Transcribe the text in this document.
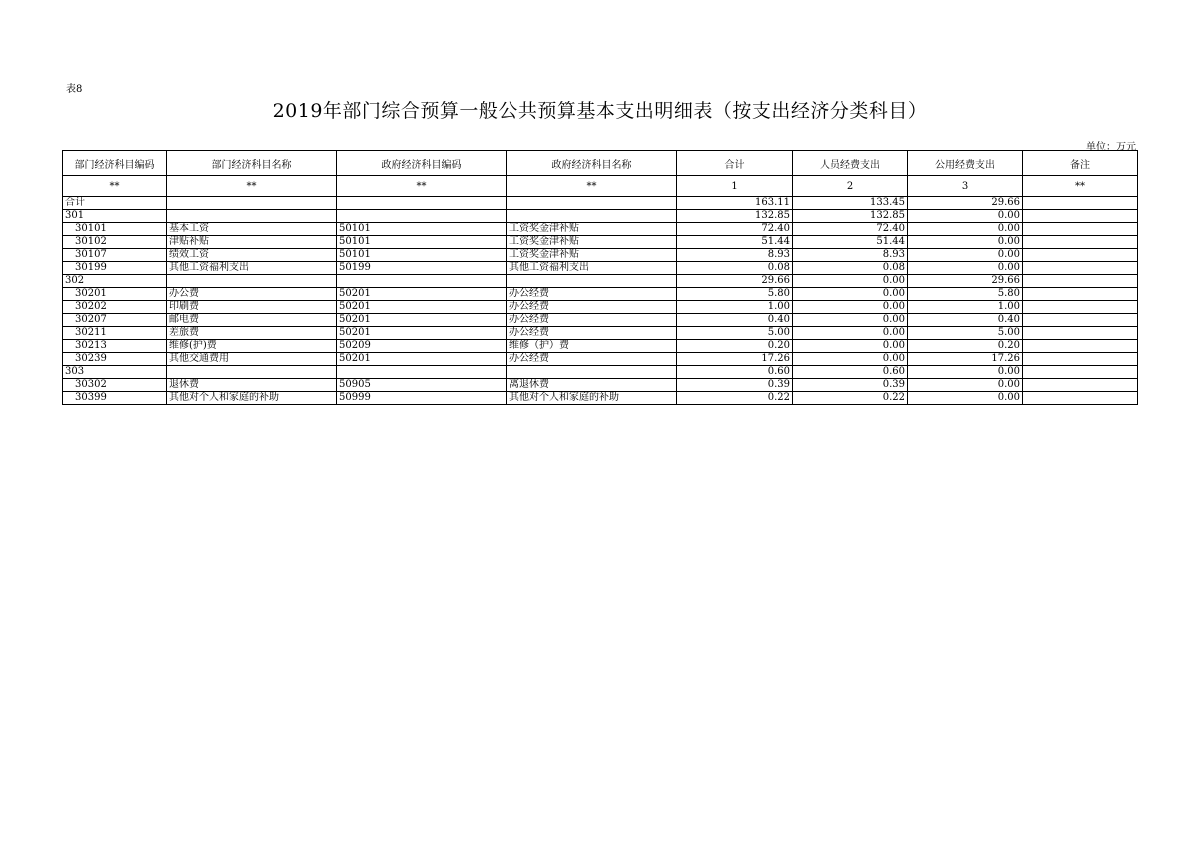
表8
2019年部门综合预算一般公共预算基本支出明细表（按支出经济分类科目）
单位：万元
部门经济科目编码	部门经济科目名称	政府经济科目编码	政府经济科目名称	合计	人员经费支出	公用经费支出	备注
**	**	**	**	1	2	3	**
合计				163.11	133.45	29.66	
301				132.85	132.85	0.00	
30101	基本工资	50101	工资奖金津补贴	72.40	72.40	0.00	
30102	津贴补贴	50101	工资奖金津补贴	51.44	51.44	0.00	
30107	绩效工资	50101	工资奖金津补贴	8.93	8.93	0.00	
30199	其他工资福利支出	50199	其他工资福利支出	0.08	0.08	0.00	
302				29.66	0.00	29.66	
30201	办公费	50201	办公经费	5.80	0.00	5.80	
30202	印刷费	50201	办公经费	1.00	0.00	1.00	
30207	邮电费	50201	办公经费	0.40	0.00	0.40	
30211	差旅费	50201	办公经费	5.00	0.00	5.00	
30213	维修(护)费	50209	维修（护）费	0.20	0.00	0.20	
30239	其他交通费用	50201	办公经费	17.26	0.00	17.26	
303				0.60	0.60	0.00	
30302	退休费	50905	离退休费	0.39	0.39	0.00	
30399	其他对个人和家庭的补助	50999	其他对个人和家庭的补助	0.22	0.22	0.00	
